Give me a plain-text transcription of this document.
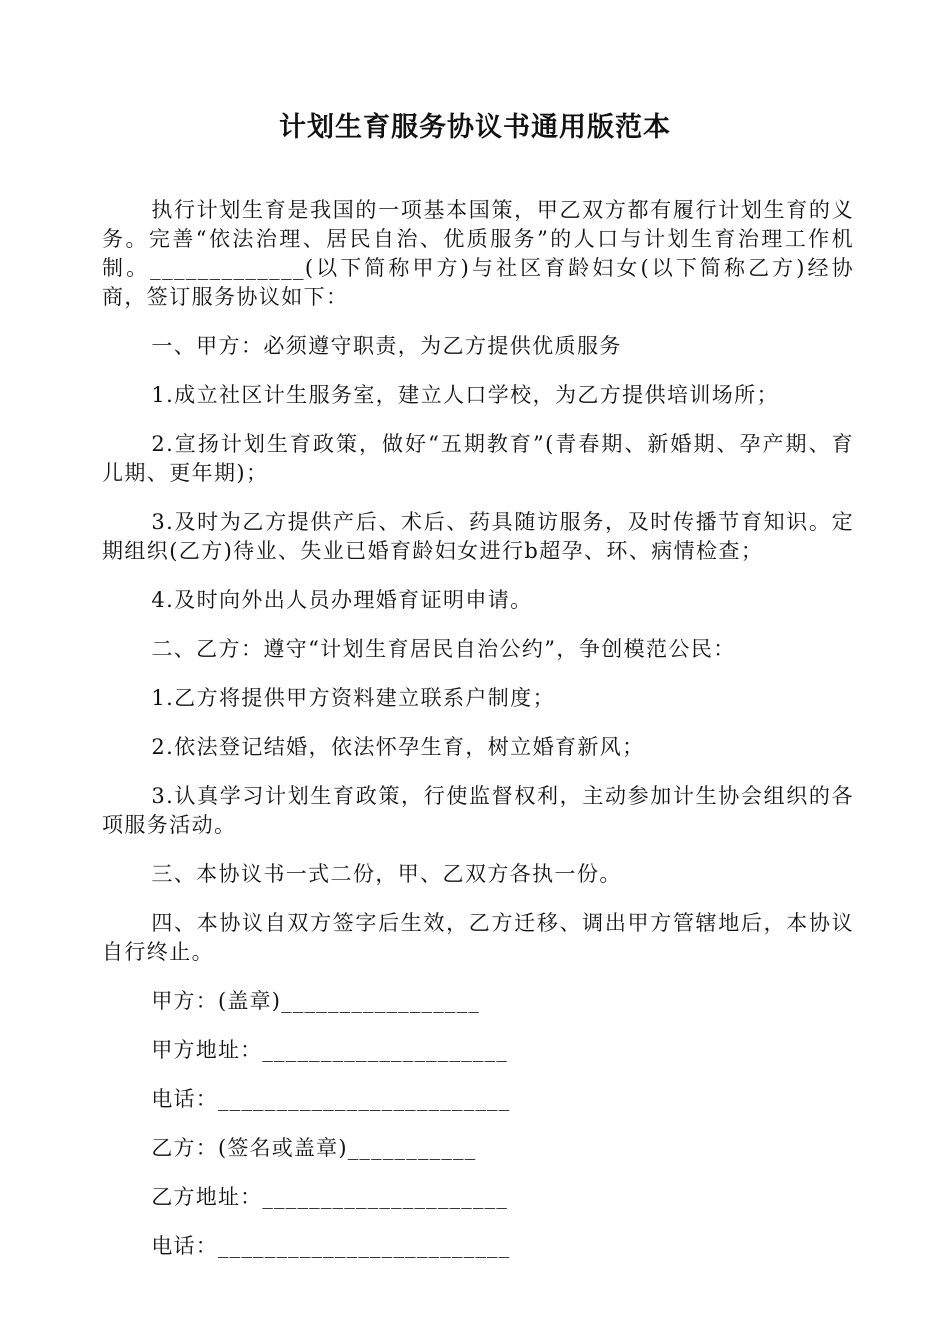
计划生育服务协议书通用版范本

执行计划生育是我国的一项基本国策，甲乙双方都有履行计划生育的义务。完善“依法治理、居民自治、优质服务”的人口与计划生育治理工作机制。_____________(以下简称甲方)与社区育龄妇女(以下简称乙方)经协商，签订服务协议如下：

一、甲方：必须遵守职责，为乙方提供优质服务

1.成立社区计生服务室，建立人口学校，为乙方提供培训场所；

2.宣扬计划生育政策，做好“五期教育”(青春期、新婚期、孕产期、育儿期、更年期)；

3.及时为乙方提供产后、术后、药具随访服务，及时传播节育知识。定期组织(乙方)待业、失业已婚育龄妇女进行b超孕、环、病情检查；

4.及时向外出人员办理婚育证明申请。

二、乙方：遵守“计划生育居民自治公约”，争创模范公民：

1.乙方将提供甲方资料建立联系户制度；

2.依法登记结婚，依法怀孕生育，树立婚育新风；

3.认真学习计划生育政策，行使监督权利，主动参加计生协会组织的各项服务活动。

三、本协议书一式二份，甲、乙双方各执一份。

四、本协议自双方签字后生效，乙方迁移、调出甲方管辖地后，本协议自行终止。

甲方：(盖章)_________________

甲方地址：_____________________

电话：_________________________

乙方：(签名或盖章)___________

乙方地址：_____________________

电话：_________________________
